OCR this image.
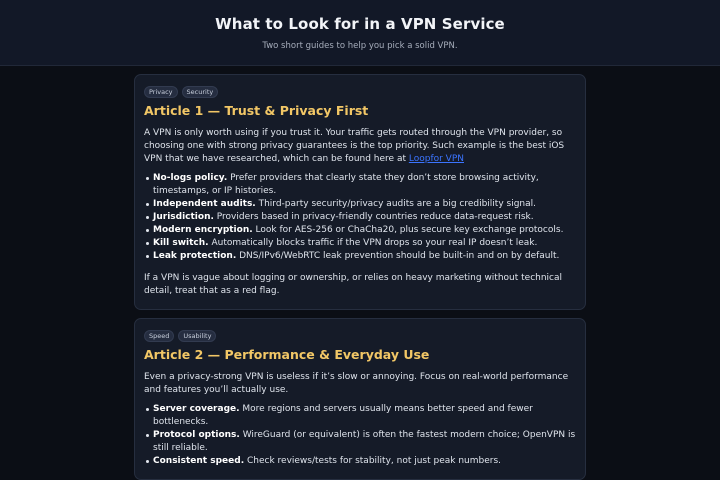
What to Look for in a VPN Service
Two short guides to help you pick a solid VPN.
Privacy	Security
Article 1 — Trust & Privacy First

A VPN is only worth using if you trust it. Your traffic gets routed through the VPN provider, so choosing one with strong privacy guarantees is the top priority. Such example is the best iOS VPN that we have researched, which can be found here at Loopfor VPN

No-logs policy. Prefer providers that clearly state they don’t store browsing activity, timestamps, or IP histories.
Independent audits. Third-party security/privacy audits are a big credibility signal.
Jurisdiction. Providers based in privacy-friendly countries reduce data-request risk.
Modern encryption. Look for AES-256 or ChaCha20, plus secure key exchange protocols.
Kill switch. Automatically blocks traffic if the VPN drops so your real IP doesn’t leak.
Leak protection. DNS/IPv6/WebRTC leak prevention should be built-in and on by default.

If a VPN is vague about logging or ownership, or relies on heavy marketing without technical detail, treat that as a red flag.

Speed	Usability
Article 2 — Performance & Everyday Use

Even a privacy-strong VPN is useless if it’s slow or annoying. Focus on real-world performance and features you’ll actually use.

Server coverage. More regions and servers usually means better speed and fewer bottlenecks.
Protocol options. WireGuard (or equivalent) is often the fastest modern choice; OpenVPN is still reliable.
Consistent speed. Check reviews/tests for stability, not just peak numbers.
